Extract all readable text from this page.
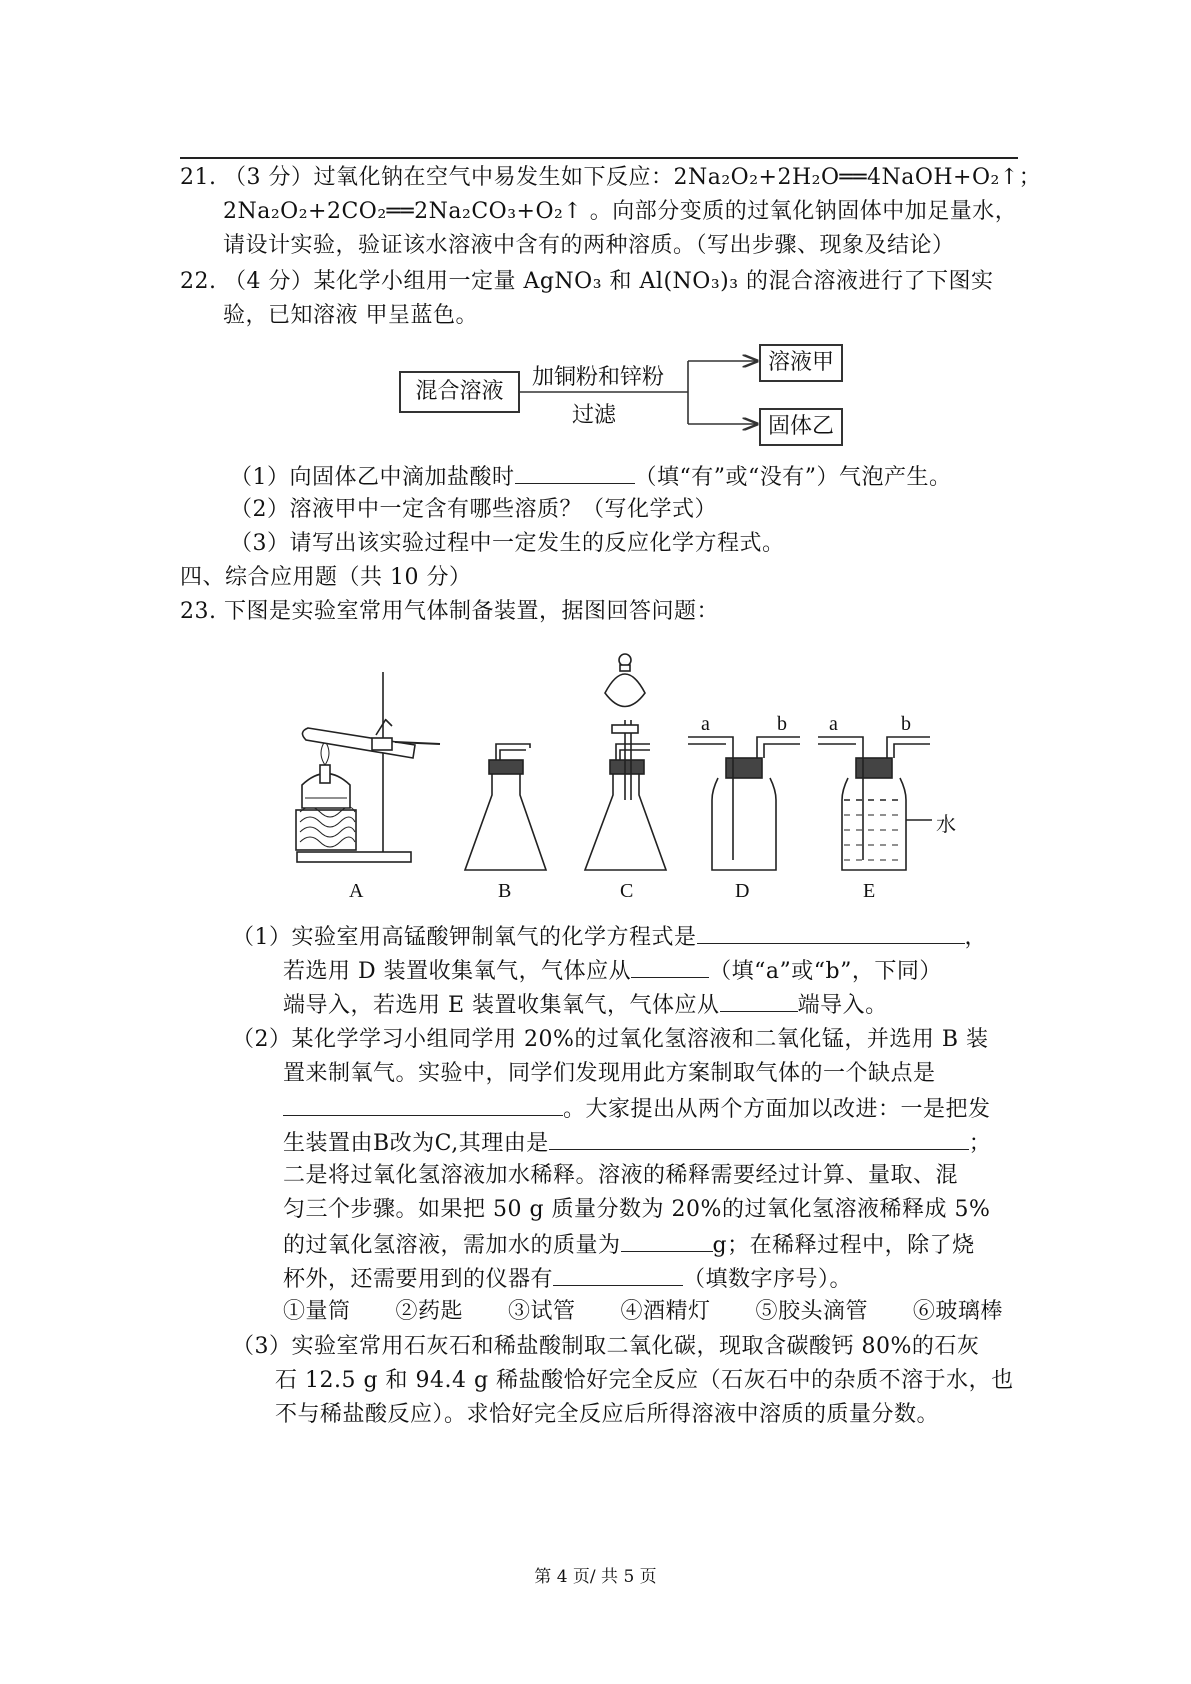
21. （3 分）过氧化钠在空气中易发生如下反应：2Na₂O₂+2H₂O══4NaOH+O₂↑；
2Na₂O₂+2CO₂══2Na₂CO₃+O₂↑ 。向部分变质的过氧化钠固体中加足量水，
请设计实验，验证该水溶液中含有的两种溶质。（写出步骤、现象及结论）
22. （4 分）某化学小组用一定量 AgNO₃ 和 Al(NO₃)₃ 的混合溶液进行了下图实
验，已知溶液 甲呈蓝色。
混合溶液
溶液甲
固体乙
加铜粉和锌粉
过滤
（1）向固体乙中滴加盐酸时	（填“有”或“没有”）气泡产生。
（2）溶液甲中一定含有哪些溶质？（写化学式）
（3）请写出该实验过程中一定发生的反应化学方程式。
四、综合应用题（共 10 分）
23. 下图是实验室常用气体制备装置，据图回答问题：
A	B	C	D	E
a	b a	b
水
（1）实验室用高锰酸钾制氧气的化学方程式是	，
若选用 D 装置收集氧气，气体应从	（填“a”或“b”，下同）
端导入，若选用 E 装置收集氧气，气体应从	端导入。
（2）某化学学习小组同学用 20%的过氧化氢溶液和二氧化锰，并选用 B 装
置来制氧气。实验中，同学们发现用此方案制取气体的一个缺点是
。大家提出从两个方面加以改进：一是把发
生装置由B改为C,其理由是	；
二是将过氧化氢溶液加水稀释。溶液的稀释需要经过计算、量取、混
匀三个步骤。如果把 50 g 质量分数为 20%的过氧化氢溶液稀释成 5%
的过氧化氢溶液，需加水的质量为	g；在稀释过程中，除了烧
杯外，还需要用到的仪器有	（填数字序号）。
①量筒 ②药匙 ③试管 ④酒精灯 ⑤胶头滴管 ⑥玻璃棒
（3）实验室常用石灰石和稀盐酸制取二氧化碳，现取含碳酸钙 80%的石灰
石 12.5 g 和 94.4 g 稀盐酸恰好完全反应（石灰石中的杂质不溶于水，也
不与稀盐酸反应）。求恰好完全反应后所得溶液中溶质的质量分数。
第 4 页/ 共 5 页
